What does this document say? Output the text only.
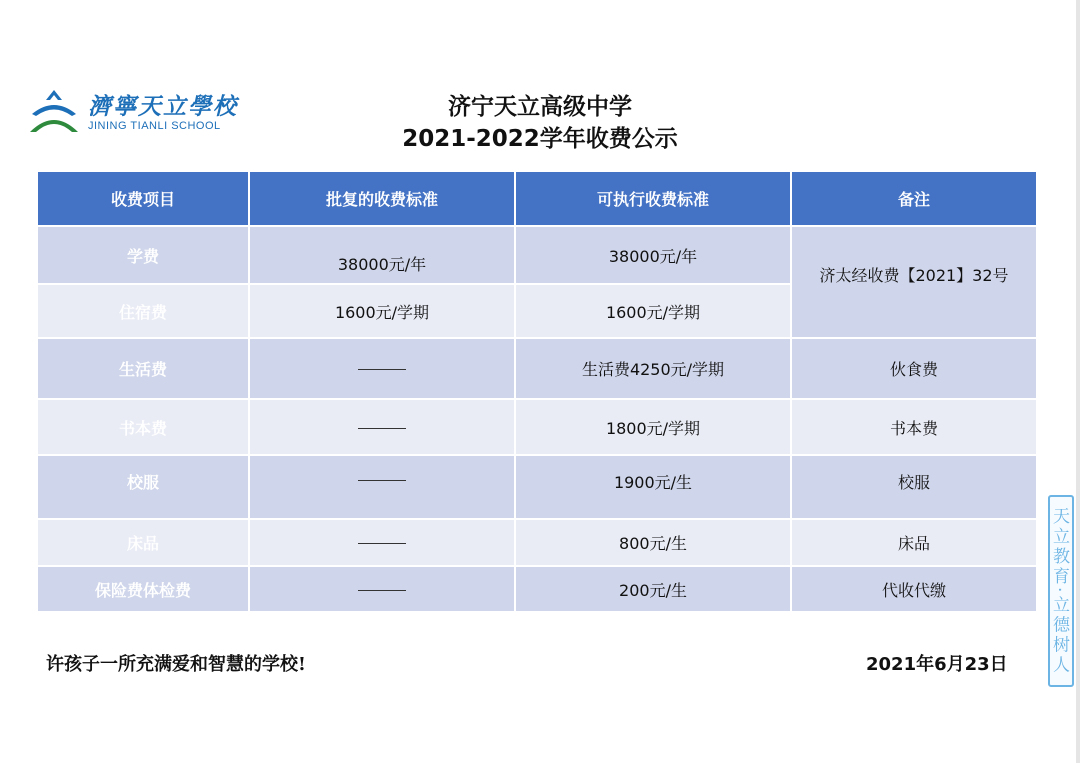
濟寧天立學校
JINING TIANLI SCHOOL
济宁天立高级中学
2021-2022学年收费公示
收费项目	批复的收费标准	可执行收费标准	备注
学费	38000元/年	38000元/年	济太经收费【2021】32号
住宿费	1600元/学期	1600元/学期	
生活费		生活费4250元/学期	伙食费
书本费		1800元/学期	书本费
校服		1900元/生	校服
床品		800元/生	床品
保险费体检费		200元/生	代收代缴
许孩子一所充满爱和智慧的学校!	2021年6月23日 天立教育·立德树人
